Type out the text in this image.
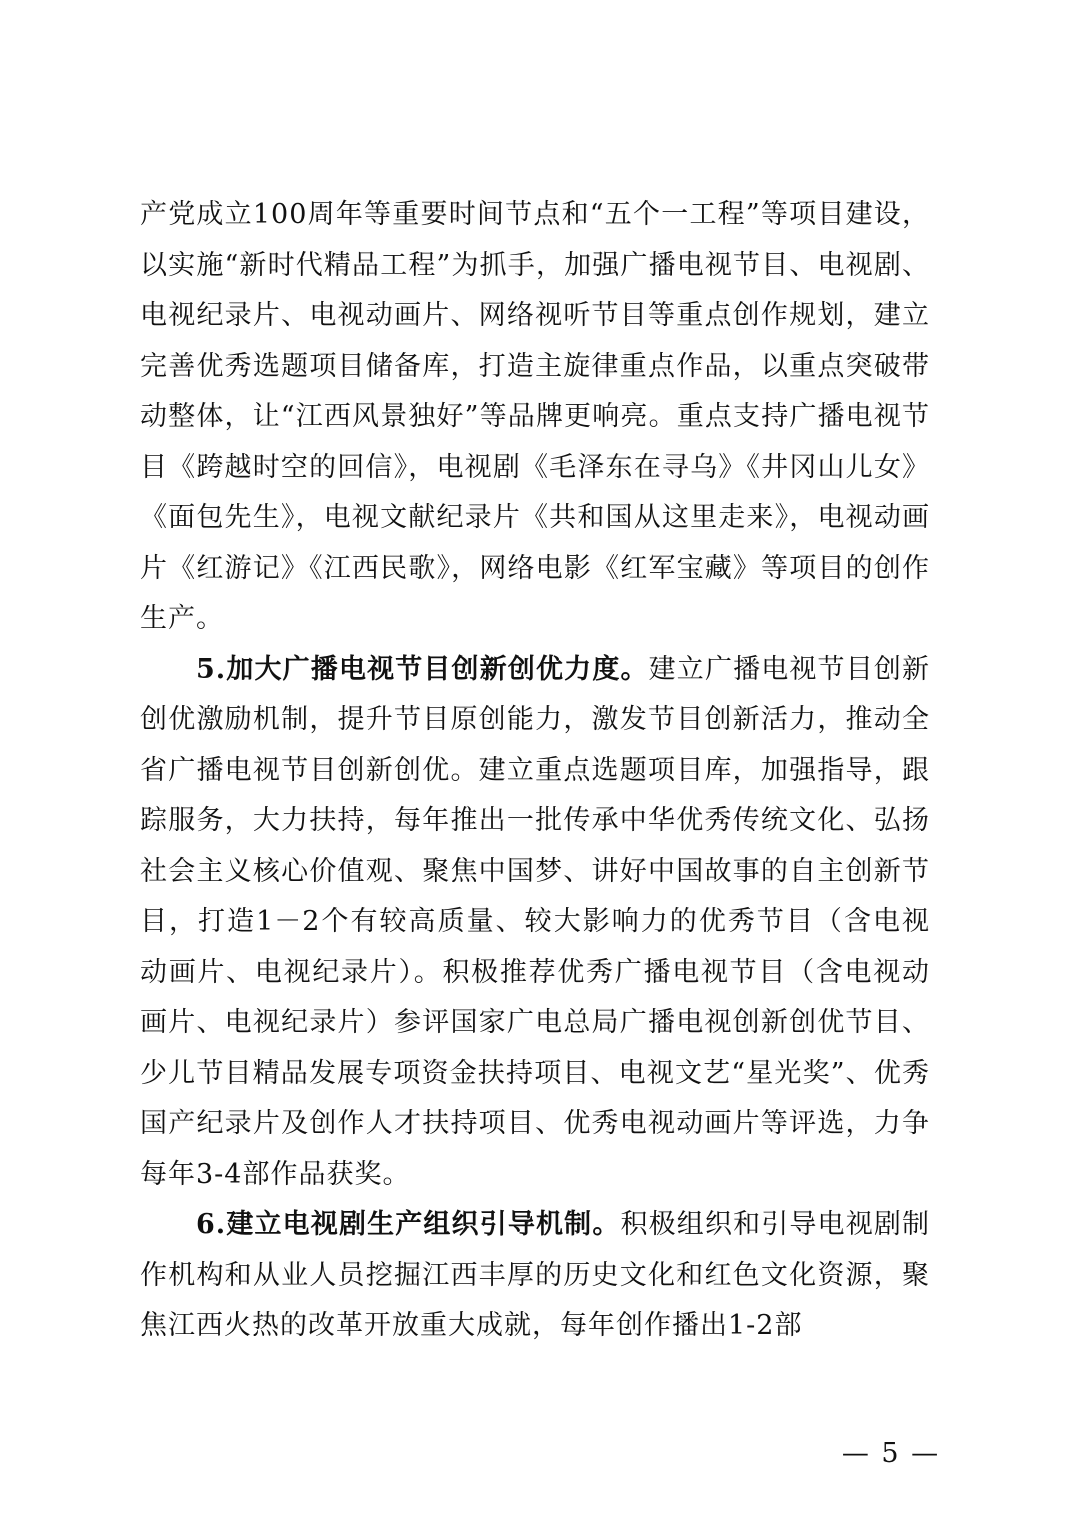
产党成立100周年等重要时间节点和“五个一工程”等项目建设，以实施“新时代精品工程”为抓手，加强广播电视节目、电视剧、电视纪录片、电视动画片、网络视听节目等重点创作规划，建立完善优秀选题项目储备库，打造主旋律重点作品，以重点突破带动整体，让“江西风景独好”等品牌更响亮。重点支持广播电视节目《跨越时空的回信》，电视剧《毛泽东在寻乌》《井冈山儿女》《面包先生》，电视文献纪录片《共和国从这里走来》，电视动画片《红游记》《江西民歌》，网络电影《红军宝藏》等项目的创作生产。

5.加大广播电视节目创新创优力度。建立广播电视节目创新创优激励机制，提升节目原创能力，激发节目创新活力，推动全省广播电视节目创新创优。建立重点选题项目库，加强指导，跟踪服务，大力扶持，每年推出一批传承中华优秀传统文化、弘扬社会主义核心价值观、聚焦中国梦、讲好中国故事的自主创新节目，打造1－2个有较高质量、较大影响力的优秀节目（含电视动画片、电视纪录片）。积极推荐优秀广播电视节目（含电视动画片、电视纪录片）参评国家广电总局广播电视创新创优节目、少儿节目精品发展专项资金扶持项目、电视文艺“星光奖”、优秀国产纪录片及创作人才扶持项目、优秀电视动画片等评选，力争每年3-4部作品获奖。

6.建立电视剧生产组织引导机制。积极组织和引导电视剧制作机构和从业人员挖掘江西丰厚的历史文化和红色文化资源，聚焦江西火热的改革开放重大成就，每年创作播出1-2部

— 5 —
